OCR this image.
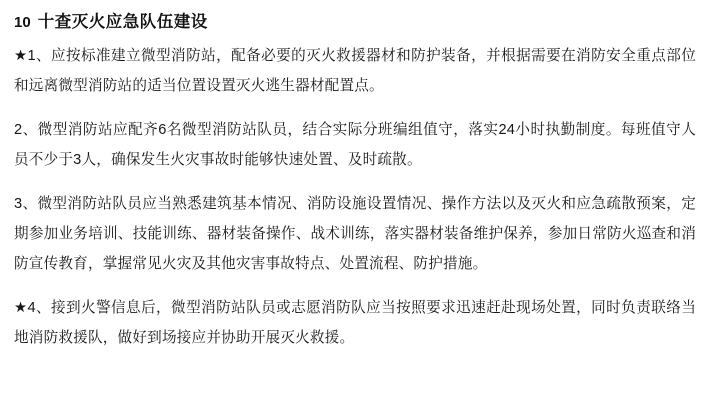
10 十查灭火应急队伍建设

★1、应按标准建立微型消防站，配备必要的灭火救援器材和防护装备，并根据需要在消防安全重点部位和远离微型消防站的适当位置设置灭火逃生器材配置点。

2、微型消防站应配齐6名微型消防站队员，结合实际分班编组值守，落实24小时执勤制度。每班值守人员不少于3人，确保发生火灾事故时能够快速处置、及时疏散。

3、微型消防站队员应当熟悉建筑基本情况、消防设施设置情况、操作方法以及灭火和应急疏散预案，定期参加业务培训、技能训练、器材装备操作、战术训练，落实器材装备维护保养，参加日常防火巡查和消防宣传教育，掌握常见火灾及其他灾害事故特点、处置流程、防护措施。

★4、接到火警信息后，微型消防站队员或志愿消防队应当按照要求迅速赶赴现场处置，同时负责联络当地消防救援队，做好到场接应并协助开展灭火救援。
